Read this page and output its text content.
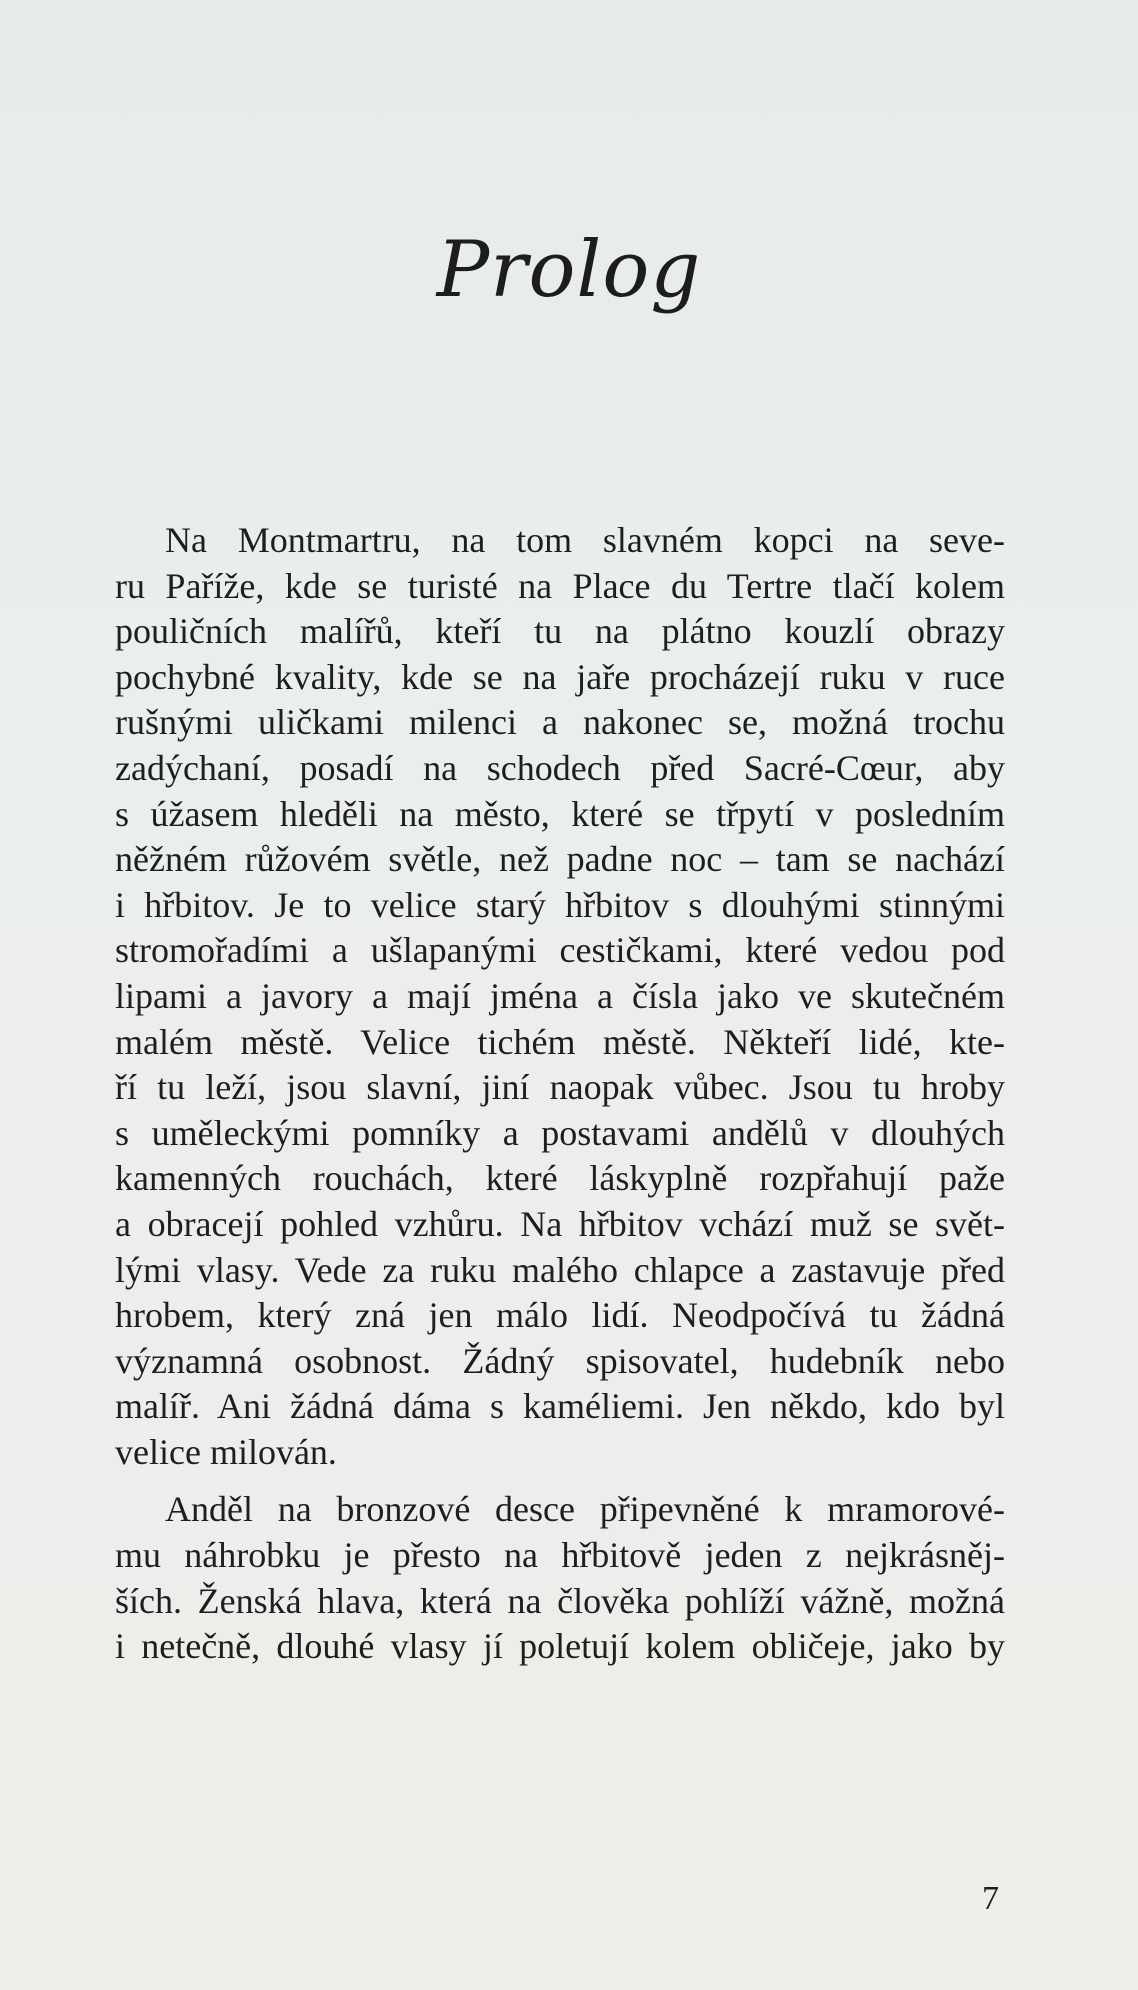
Prolog
Na Montmartru, na tom slavném kopci na seve-
ru Paříže, kde se turisté na Place du Tertre tlačí kolem
pouličních malířů, kteří tu na plátno kouzlí obrazy
pochybné kvality, kde se na jaře procházejí ruku v ruce
rušnými uličkami milenci a nakonec se, možná trochu
zadýchaní, posadí na schodech před Sacré-Cœur, aby
s úžasem hleděli na město, které se třpytí v posledním
něžném růžovém světle, než padne noc – tam se nachází
i hřbitov. Je to velice starý hřbitov s dlouhými stinnými
stromořadími a ušlapanými cestičkami, které vedou pod
lipami a javory a mají jména a čísla jako ve skutečném
malém městě. Velice tichém městě. Někteří lidé, kte-
ří tu leží, jsou slavní, jiní naopak vůbec. Jsou tu hroby
s uměleckými pomníky a postavami andělů v dlouhých
kamenných rouchách, které láskyplně rozpřahují paže
a obracejí pohled vzhůru. Na hřbitov vchází muž se svět-
lými vlasy. Vede za ruku malého chlapce a zastavuje před
hrobem, který zná jen málo lidí. Neodpočívá tu žádná
významná osobnost. Žádný spisovatel, hudebník nebo
malíř. Ani žádná dáma s kaméliemi. Jen někdo, kdo byl
velice milován.
Anděl na bronzové desce připevněné k mramorové-
mu náhrobku je přesto na hřbitově jeden z nejkrásněj-
ších. Ženská hlava, která na člověka pohlíží vážně, možná
i netečně, dlouhé vlasy jí poletují kolem obličeje, jako by
7
